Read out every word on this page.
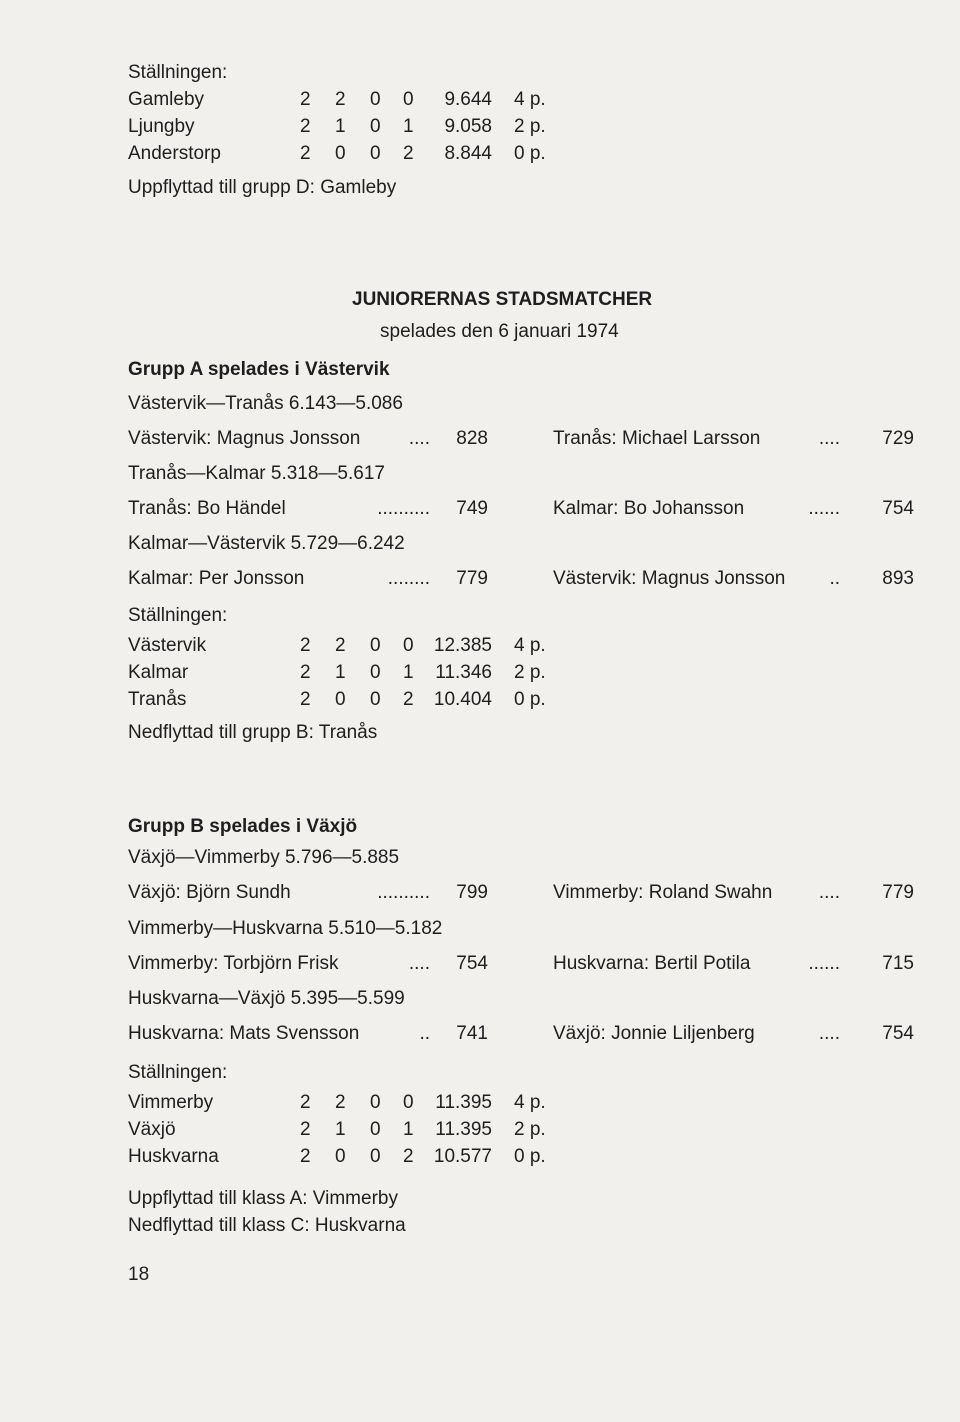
Ställningen:
Gamleby	2 2 0 0	9.644 4 p.
Ljungby	2 1 0 1	9.058 2 p.
Anderstorp	2 0 0 2	8.844 0 p.
Uppflyttad till grupp D: Gamleby
JUNIORERNAS STADSMATCHER
spelades den 6 januari 1974
Grupp A spelades i Västervik
Västervik—Tranås 6.143—5.086
Västervik: Magnus Jonsson	....	828	Tranås: Michael Larsson	....	729
Tranås—Kalmar 5.318—5.617
Tranås: Bo Händel	..........	749	Kalmar: Bo Johansson	......	754
Kalmar—Västervik 5.729—6.242
Kalmar: Per Jonsson	........	779	Västervik: Magnus Jonsson	..	893
Ställningen:
Västervik	2 2 0 0	12.385 4 p.
Kalmar	2 1 0 1	11.346 2 p.
Tranås	2 0 0 2	10.404 0 p.
Nedflyttad till grupp B: Tranås
Grupp B spelades i Växjö
Växjö—Vimmerby 5.796—5.885
Växjö: Björn Sundh	..........	799	Vimmerby: Roland Swahn	....	779
Vimmerby—Huskvarna 5.510—5.182
Vimmerby: Torbjörn Frisk	....	754	Huskvarna: Bertil Potila	......	715
Huskvarna—Växjö 5.395—5.599
Huskvarna: Mats Svensson	..	741	Växjö: Jonnie Liljenberg	....	754
Ställningen:
Vimmerby	2 2 0 0	11.395 4 p.
Växjö	2 1 0 1	11.395 2 p.
Huskvarna	2 0 0 2	10.577 0 p.
Uppflyttad till klass A: Vimmerby
Nedflyttad till klass C: Huskvarna
18
